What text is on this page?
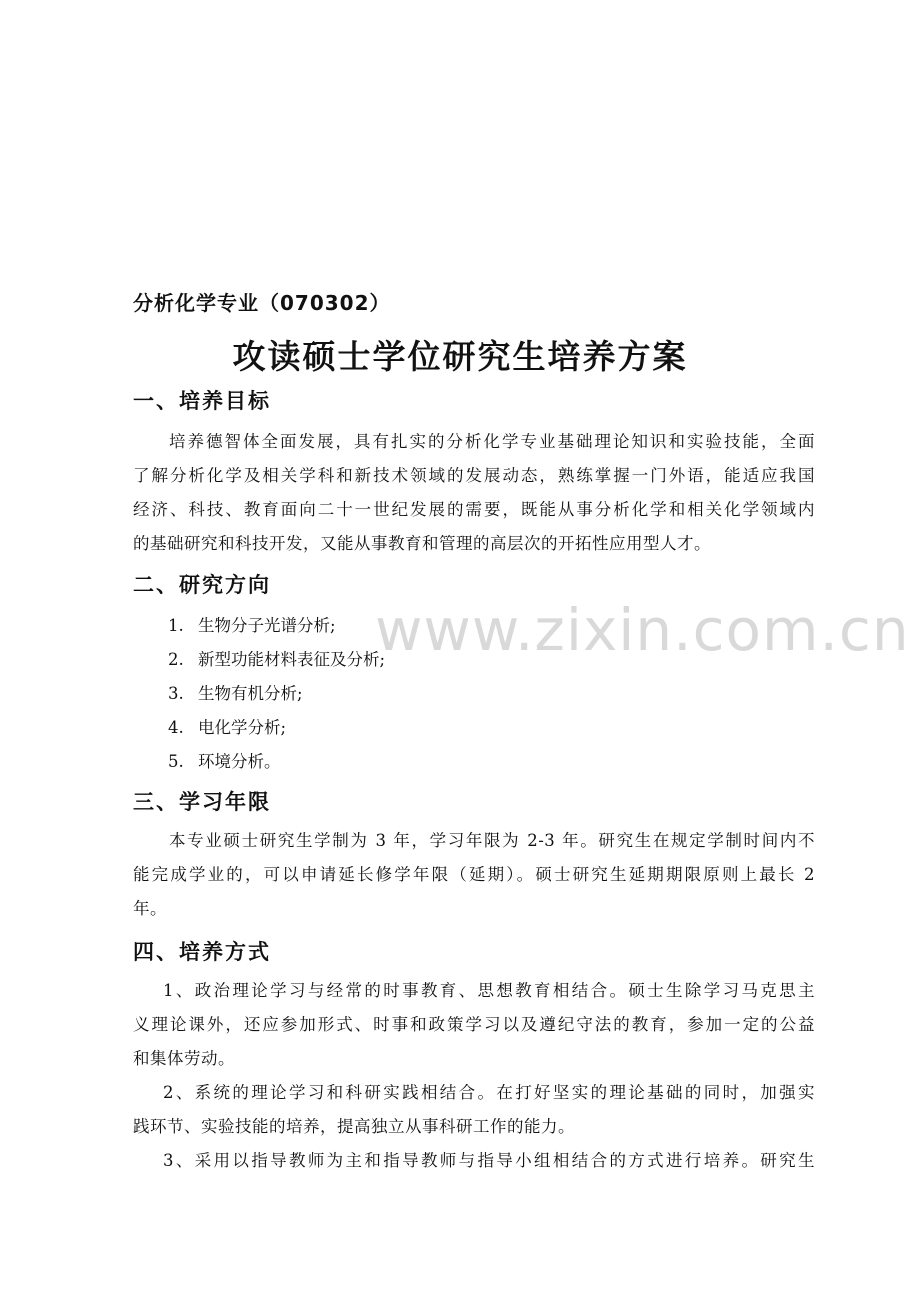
www.zixin.com.cn
分析化学专业（070302）
攻读硕士学位研究生培养方案
一、培养目标
培养德智体全面发展，具有扎实的分析化学专业基础理论知识和实验技能，全面
了解分析化学及相关学科和新技术领域的发展动态，熟练掌握一门外语，能适应我国
经济、科技、教育面向二十一世纪发展的需要，既能从事分析化学和相关化学领域内
的基础研究和科技开发，又能从事教育和管理的高层次的开拓性应用型人才。
二、研究方向
1. 生物分子光谱分析;
2. 新型功能材料表征及分析;
3. 生物有机分析;
4. 电化学分析;
5. 环境分析。
三、学习年限
本专业硕士研究生学制为 3 年，学习年限为 2-3 年。研究生在规定学制时间内不
能完成学业的，可以申请延长修学年限（延期）。硕士研究生延期期限原则上最长 2
年。
四、培养方式
1、政治理论学习与经常的时事教育、思想教育相结合。硕士生除学习马克思主
义理论课外，还应参加形式、时事和政策学习以及遵纪守法的教育，参加一定的公益
和集体劳动。
2、系统的理论学习和科研实践相结合。在打好坚实的理论基础的同时，加强实
践环节、实验技能的培养，提高独立从事科研工作的能力。
3、采用以指导教师为主和指导教师与指导小组相结合的方式进行培养。研究生
